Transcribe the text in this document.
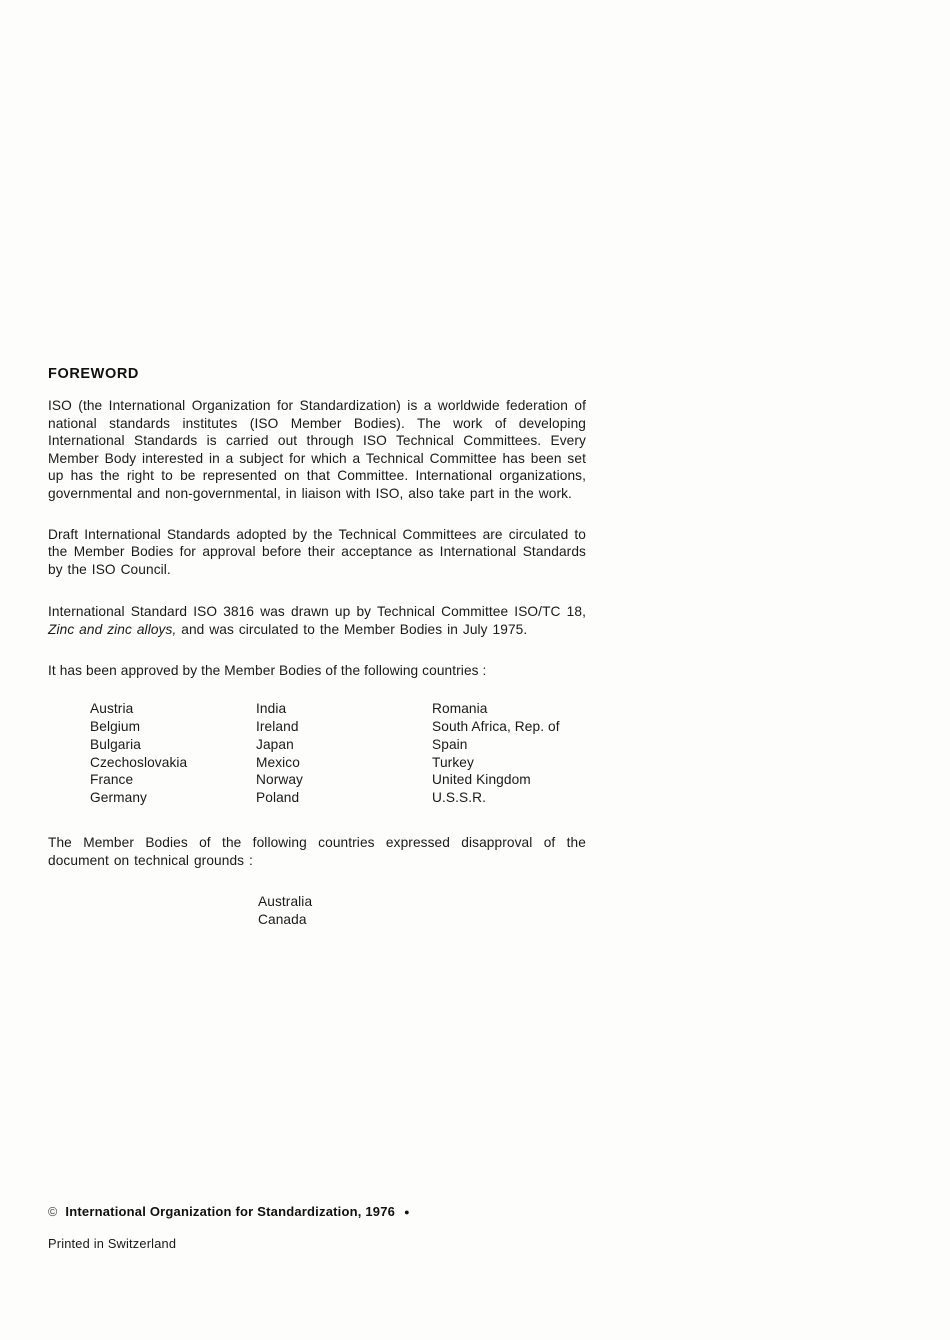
FOREWORD

ISO (the International Organization for Standardization) is a worldwide federation of national standards institutes (ISO Member Bodies). The work of developing International Standards is carried out through ISO Technical Committees. Every Member Body interested in a subject for which a Technical Committee has been set up has the right to be represented on that Committee. International organizations, governmental and non-governmental, in liaison with ISO, also take part in the work.

Draft International Standards adopted by the Technical Committees are circulated to the Member Bodies for approval before their acceptance as International Standards by the ISO Council.

International Standard ISO 3816 was drawn up by Technical Committee ISO/TC 18, Zinc and zinc alloys, and was circulated to the Member Bodies in July 1975.

It has been approved by the Member Bodies of the following countries :

Austria
Belgium
Bulgaria
Czechoslovakia
France
Germany
India
Ireland
Japan
Mexico
Norway
Poland
Romania
South Africa, Rep. of
Spain
Turkey
United Kingdom
U.S.S.R.

The Member Bodies of the following countries expressed disapproval of the document on technical grounds :

Australia
Canada
© International Organization for Standardization, 1976 ●
Printed in Switzerland
